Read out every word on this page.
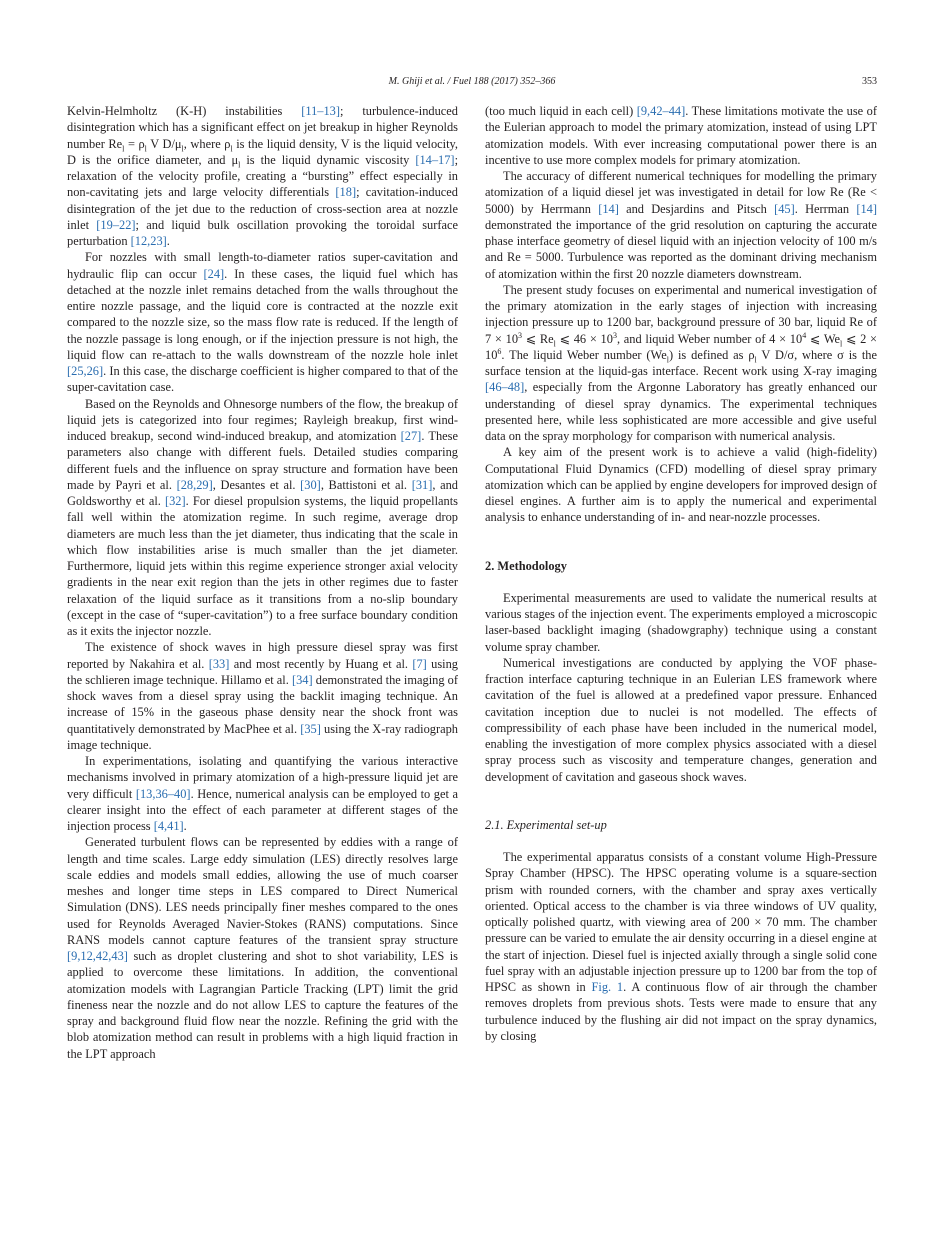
M. Ghiji et al. / Fuel 188 (2017) 352–366	353

Kelvin-Helmholtz (K-H) instabilities [11–13]; turbulence-induced disintegration which has a significant effect on jet breakup in higher Reynolds number $Re_l = \rho_l$ V $D/\mu_l$, where $\rho_l$ is the liquid density, V is the liquid velocity, D is the orifice diameter, and $\mu_l$ is the liquid dynamic viscosity [14–17]; relaxation of the velocity profile, creating a “bursting” effect especially in non-cavitating jets and large velocity differentials [18]; cavitation-induced disintegration of the jet due to the reduction of cross-section area at nozzle inlet [19–22]; and liquid bulk oscillation provoking the toroidal surface perturbation [12,23].

For nozzles with small length-to-diameter ratios super-cavitation and hydraulic flip can occur [24]. In these cases, the liquid fuel which has detached at the nozzle inlet remains detached from the walls throughout the entire nozzle passage, and the liquid core is contracted at the nozzle exit compared to the nozzle size, so the mass flow rate is reduced. If the length of the nozzle passage is long enough, or if the injection pressure is not high, the liquid flow can re-attach to the walls downstream of the nozzle hole inlet [25,26]. In this case, the discharge coefficient is higher compared to that of the super-cavitation case.

Based on the Reynolds and Ohnesorge numbers of the flow, the breakup of liquid jets is categorized into four regimes; Rayleigh breakup, first wind-induced breakup, second wind-induced breakup, and atomization [27]. These parameters also change with different fuels. Detailed studies comparing different fuels and the influence on spray structure and formation have been made by Payri et al. [28,29], Desantes et al. [30], Battistoni et al. [31], and Goldsworthy et al. [32]. For diesel propulsion systems, the liquid propellants fall well within the atomization regime. In such regime, average drop diameters are much less than the jet diameter, thus indicating that the scale in which flow instabilities arise is much smaller than the jet diameter. Furthermore, liquid jets within this regime experience stronger axial velocity gradients in the near exit region than the jets in other regimes due to faster relaxation of the liquid surface as it transitions from a no-slip boundary (except in the case of “super-cavitation”) to a free surface boundary condition as it exits the injector nozzle.

The existence of shock waves in high pressure diesel spray was first reported by Nakahira et al. [33] and most recently by Huang et al. [7] using the schlieren image technique. Hillamo et al. [34] demonstrated the imaging of shock waves from a diesel spray using the backlit imaging technique. An increase of 15% in the gaseous phase density near the shock front was quantitatively demonstrated by MacPhee et al. [35] using the X-ray radiograph image technique.

In experimentations, isolating and quantifying the various interactive mechanisms involved in primary atomization of a high-pressure liquid jet are very difficult [13,36–40]. Hence, numerical analysis can be employed to get a clearer insight into the effect of each parameter at different stages of the injection process [4,41].

Generated turbulent flows can be represented by eddies with a range of length and time scales. Large eddy simulation (LES) directly resolves large scale eddies and models small eddies, allowing the use of much coarser meshes and longer time steps in LES compared to Direct Numerical Simulation (DNS). LES needs principally finer meshes compared to the ones used for Reynolds Averaged Navier-Stokes (RANS) computations. Since RANS models cannot capture features of the transient spray structure [9,12,42,43] such as droplet clustering and shot to shot variability, LES is applied to overcome these limitations. In addition, the conventional atomization models with Lagrangian Particle Tracking (LPT) limit the grid fineness near the nozzle and do not allow LES to capture the features of the spray and background fluid flow near the nozzle. Refining the grid with the blob atomization method can result in problems with a high liquid fraction in the LPT approach

(too much liquid in each cell) [9,42–44]. These limitations motivate the use of the Eulerian approach to model the primary atomization, instead of using LPT atomization models. With ever increasing computational power there is an incentive to use more complex models for primary atomization.

The accuracy of different numerical techniques for modelling the primary atomization of a liquid diesel jet was investigated in detail for low Re (Re < 5000) by Herrmann [14] and Desjardins and Pitsch [45]. Herrman [14] demonstrated the importance of the grid resolution on capturing the accurate phase interface geometry of diesel liquid with an injection velocity of 100 m/s and Re = 5000. Turbulence was reported as the dominant driving mechanism of atomization within the first 20 nozzle diameters downstream.

The present study focuses on experimental and numerical investigation of the primary atomization in the early stages of injection with increasing injection pressure up to 1200 bar, background pressure of 30 bar, liquid Re of $7 \times 10^3$ ⩽ $Re_l$ ⩽ $46 \times 10^3$, and liquid Weber number of $4 \times 10^4$ ⩽ $We_l$ ⩽ $2 \times 10^6$. The liquid Weber number $(We_l)$ is defined as $\rho_l$ V D/σ, where σ is the surface tension at the liquid-gas interface. Recent work using X-ray imaging [46–48], especially from the Argonne Laboratory has greatly enhanced our understanding of diesel spray dynamics. The experimental techniques presented here, while less sophisticated are more accessible and give useful data on the spray morphology for comparison with numerical analysis.

A key aim of the present work is to achieve a valid (high-fidelity) Computational Fluid Dynamics (CFD) modelling of diesel spray primary atomization which can be applied by engine developers for improved design of diesel engines. A further aim is to apply the numerical and experimental analysis to enhance understanding of in- and near-nozzle processes.

2. Methodology

Experimental measurements are used to validate the numerical results at various stages of the injection event. The experiments employed a microscopic laser-based backlight imaging (shadowgraphy) technique using a constant volume spray chamber.

Numerical investigations are conducted by applying the VOF phase-fraction interface capturing technique in an Eulerian LES framework where cavitation of the fuel is allowed at a predefined vapor pressure. Enhanced cavitation inception due to nuclei is not modelled. The effects of compressibility of each phase have been included in the numerical model, enabling the investigation of more complex physics associated with a diesel spray process such as viscosity and temperature changes, generation and development of cavitation and gaseous shock waves.

2.1. Experimental set-up

The experimental apparatus consists of a constant volume High-Pressure Spray Chamber (HPSC). The HPSC operating volume is a square-section prism with rounded corners, with the chamber and spray axes vertically oriented. Optical access to the chamber is via three windows of UV quality, optically polished quartz, with viewing area of 200 × 70 mm. The chamber pressure can be varied to emulate the air density occurring in a diesel engine at the start of injection. Diesel fuel is injected axially through a single solid cone fuel spray with an adjustable injection pressure up to 1200 bar from the top of HPSC as shown in Fig. 1. A continuous flow of air through the chamber removes droplets from previous shots. Tests were made to ensure that any turbulence induced by the flushing air did not impact on the spray dynamics, by closing
